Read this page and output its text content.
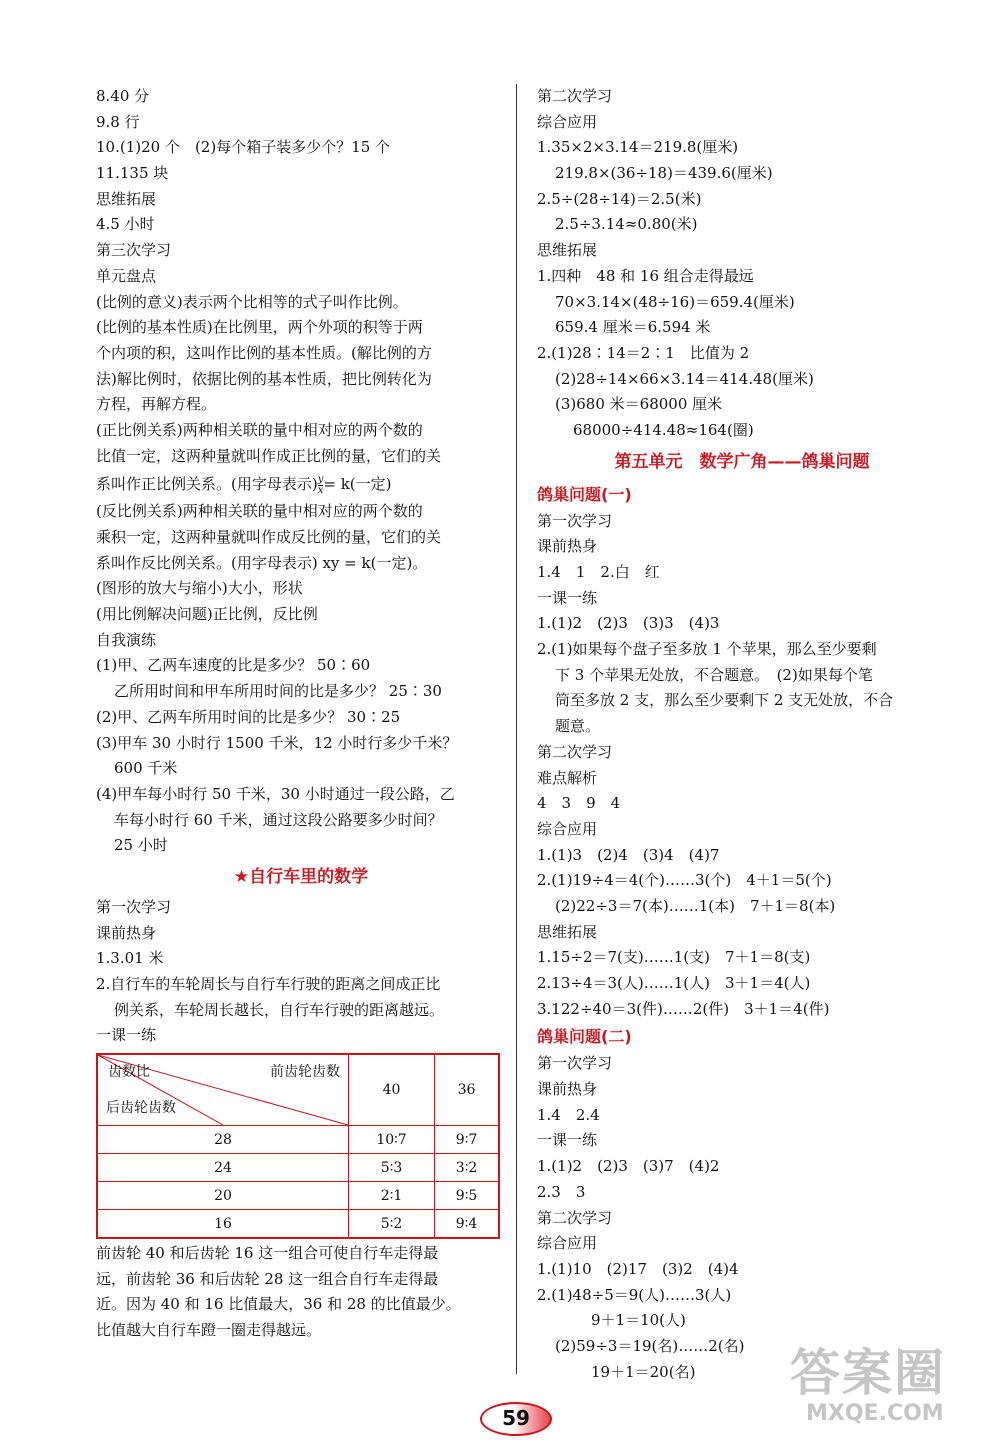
8.40 分
9.8 行
10.(1)20 个　(2)每个箱子装多少个？15 个
11.135 块
思维拓展
4.5 小时
第三次学习
单元盘点
(比例的意义)表示两个比相等的式子叫作比例。
(比例的基本性质)在比例里，两个外项的积等于两
个内项的积，这叫作比例的基本性质。(解比例的方
法)解比例时，依据比例的基本性质，把比例转化为
方程，再解方程。
(正比例关系)两种相关联的量中相对应的两个数的
比值一定，这两种量就叫作成正比例的量，它们的关
系叫作正比例关系。(用字母表示) $\frac{y}{x} = k$(一定)
(反比例关系)两种相关联的量中相对应的两个数的
乘积一定，这两种量就叫作成反比例的量，它们的关
系叫作反比例关系。(用字母表示) xy = k(一定)。
(图形的放大与缩小)大小，形状
(用比例解决问题)正比例，反比例
自我演练
(1)甲、乙两车速度的比是多少？ 50∶60
乙所用时间和甲车所用时间的比是多少？ 25∶30
(2)甲、乙两车所用时间的比是多少？ 30∶25
(3)甲车 30 小时行 1500 千米，12 小时行多少千米？
600 千米
(4)甲车每小时行 50 千米，30 小时通过一段公路，乙
车每小时行 60 千米，通过这段公路要多少时间？
25 小时
★自行车里的数学
第一次学习
课前热身
1.3.01 米
2.自行车的车轮周长与自行车行驶的距离之间成正比
例关系，车轮周长越长，自行车行驶的距离越远。
一课一练
齿数比 前齿轮齿数
后齿轮齿数	40	36
28	10∶7	9∶7
24	5∶3	3∶2
20	2∶1	9∶5
16	5∶2	9∶4
前齿轮 40 和后齿轮 16 这一组合可使自行车走得最
远，前齿轮 36 和后齿轮 28 这一组合自行车走得最
近。因为 40 和 16 比值最大，36 和 28 的比值最少。
比值越大自行车蹬一圈走得越远。
第二次学习
综合应用
1.35×2×3.14＝219.8(厘米)
219.8×(36÷18)＝439.6(厘米)
2.5÷(28÷14)＝2.5(米)
2.5÷3.14≈0.80(米)
思维拓展
1.四种　48 和 16 组合走得最远
70×3.14×(48÷16)＝659.4(厘米)
659.4 厘米＝6.594 米
2.(1)28∶14＝2∶1　比值为 2
(2)28÷14×66×3.14＝414.48(厘米)
(3)680 米＝68000 厘米
68000÷414.48≈164(圈)
第五单元　数学广角——鸽巢问题
鸽巢问题(一)
第一次学习
课前热身
1.4　1　2.白　红
一课一练
1.(1)2　(2)3　(3)3　(4)3
2.(1)如果每个盘子至多放 1 个苹果，那么至少要剩
下 3 个苹果无处放，不合题意。　(2)如果每个笔
筒至多放 2 支，那么至少要剩下 2 支无处放，不合
题意。
第二次学习
难点解析
4　3　9　4
综合应用
1.(1)3　(2)4　(3)4　(4)7
2.(1)19÷4＝4(个)……3(个)　4＋1＝5(个)
(2)22÷3＝7(本)……1(本)　7＋1＝8(本)
思维拓展
1.15÷2＝7(支)……1(支)　7＋1＝8(支)
2.13÷4＝3(人)……1(人)　3＋1＝4(人)
3.122÷40＝3(件)……2(件)　3＋1＝4(件)
鸽巢问题(二)
第一次学习
课前热身
1.4　2.4
一课一练
1.(1)2　(2)3　(3)7　(4)2
2.3　3
第二次学习
综合应用
1.(1)10　(2)17　(3)2　(4)4
2.(1)48÷5＝9(人)……3(人)
9＋1＝10(人)
(2)59÷3＝19(名)……2(名)
19＋1＝20(名)
59
答案圈
MXQE.COM
